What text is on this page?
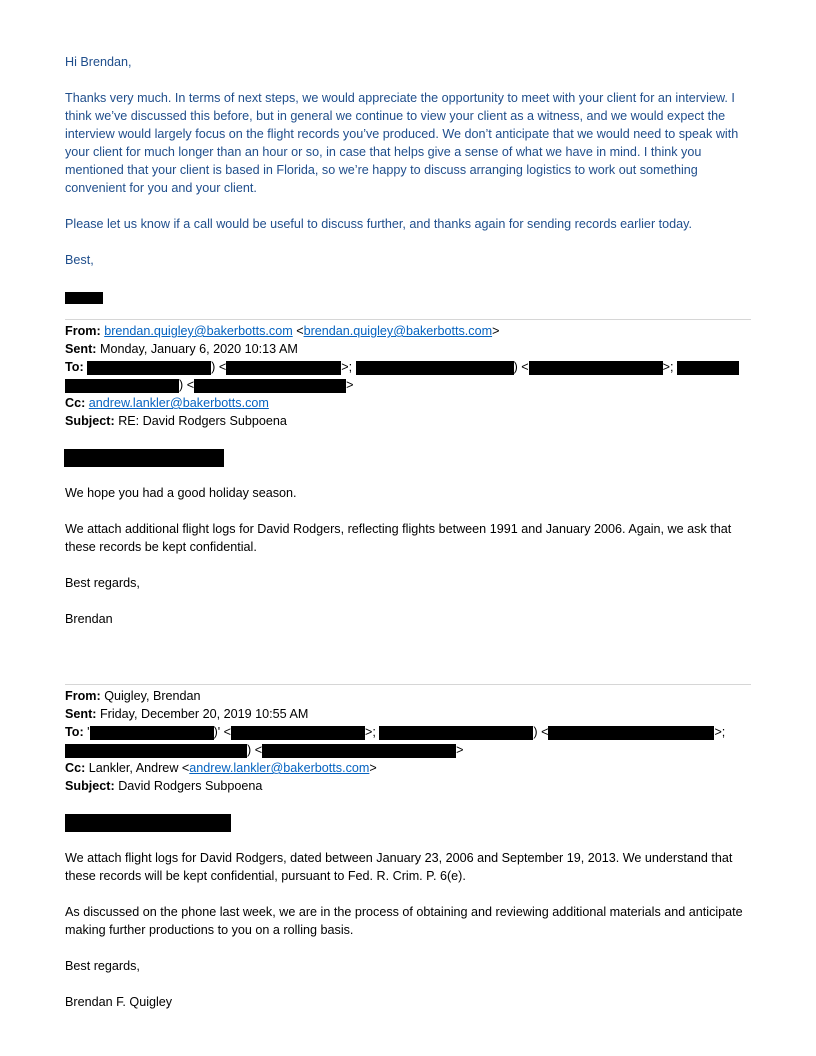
Hi Brendan,

Thanks very much. In terms of next steps, we would appreciate the opportunity to meet with your client for an interview. I think we’ve discussed this before, but in general we continue to view your client as a witness, and we would expect the interview would largely focus on the flight records you’ve produced. We don’t anticipate that we would need to speak with your client for much longer than an hour or so, in case that helps give a sense of what we have in mind. I think you mentioned that your client is based in Florida, so we’re happy to discuss arranging logistics to work out something convenient for you and your client.

Please let us know if a call would be useful to discuss further, and thanks again for sending records earlier today.

Best,

From: brendan.quigley@bakerbotts.com <brendan.quigley@bakerbotts.com>
Sent: Monday, January 6, 2020 10:13 AM
To:	) <	>;	) <	>;
) <	>
Cc: andrew.lankler@bakerbotts.com
Subject: RE: David Rodgers Subpoena

We hope you had a good holiday season.

We attach additional flight logs for David Rodgers, reflecting flights between 1991 and January 2006. Again, we ask that these records be kept confidential.

Best regards,

Brendan

From: Quigley, Brendan
Sent: Friday, December 20, 2019 10:55 AM
To: '	)' <	>;	) <	>;
) <	>
Cc: Lankler, Andrew <andrew.lankler@bakerbotts.com>
Subject: David Rodgers Subpoena

We attach flight logs for David Rodgers, dated between January 23, 2006 and September 19, 2013. We understand that these records will be kept confidential, pursuant to Fed. R. Crim. P. 6(e).

As discussed on the phone last week, we are in the process of obtaining and reviewing additional materials and anticipate making further productions to you on a rolling basis.

Best regards,

Brendan F. Quigley
